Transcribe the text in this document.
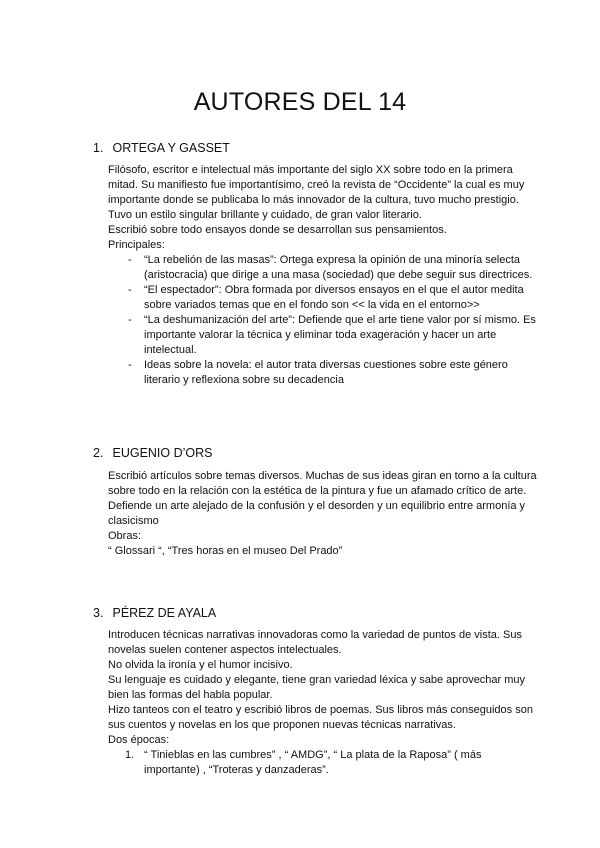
AUTORES DEL 14
1. ORTEGA Y GASSET

Filósofo, escritor e intelectual más importante del siglo XX sobre todo en la primera mitad. Su manifiesto fue importantísimo, creó la revista de “Occidente” la cual es muy importante donde se publicaba lo más innovador de la cultura, tuvo mucho prestigio.

Tuvo un estilo singular brillante y cuidado, de gran valor literario.

Escribió sobre todo ensayos donde se desarrollan sus pensamientos.

Principales:

- “La rebelión de las masas”: Ortega expresa la opinión de una minoría selecta (aristocracia) que dirige a una masa (sociedad) que debe seguir sus directrices.
- “El espectador”: Obra formada por diversos ensayos en el que el autor medita sobre variados temas que en el fondo son << la vida en el entorno>>
- “La deshumanización del arte”: Defiende que el arte tiene valor por sí mismo. Es importante valorar la técnica y eliminar toda exageración y hacer un arte intelectual.
- Ideas sobre la novela: el autor trata diversas cuestiones sobre este género literario y reflexiona sobre su decadencia
2. EUGENIO D’ORS

Escribió artículos sobre temas diversos. Muchas de sus ideas giran en torno a la cultura sobre todo en la relación con la estética de la pintura y fue un afamado crítico de arte.

Defiende un arte alejado de la confusión y el desorden y un equilibrio entre armonía y clasicismo

Obras:

“ Glossari “, “Tres horas en el museo Del Prado”

3. PÉREZ DE AYALA

Introducen técnicas narrativas innovadoras como la variedad de puntos de vista. Sus novelas suelen contener aspectos intelectuales.

No olvida la ironía y el humor incisivo.

Su lenguaje es cuidado y elegante, tiene gran variedad léxica y sabe aprovechar muy bien las formas del habla popular.

Hizo tanteos con el teatro y escribió libros de poemas. Sus libros más conseguidos son sus cuentos y novelas en los que proponen nuevas técnicas narrativas.

Dos épocas:

1. “ Tinieblas en las cumbres” , “ AMDG”, “ La plata de la Raposa” ( más importante) , “Troteras y danzaderas”.
